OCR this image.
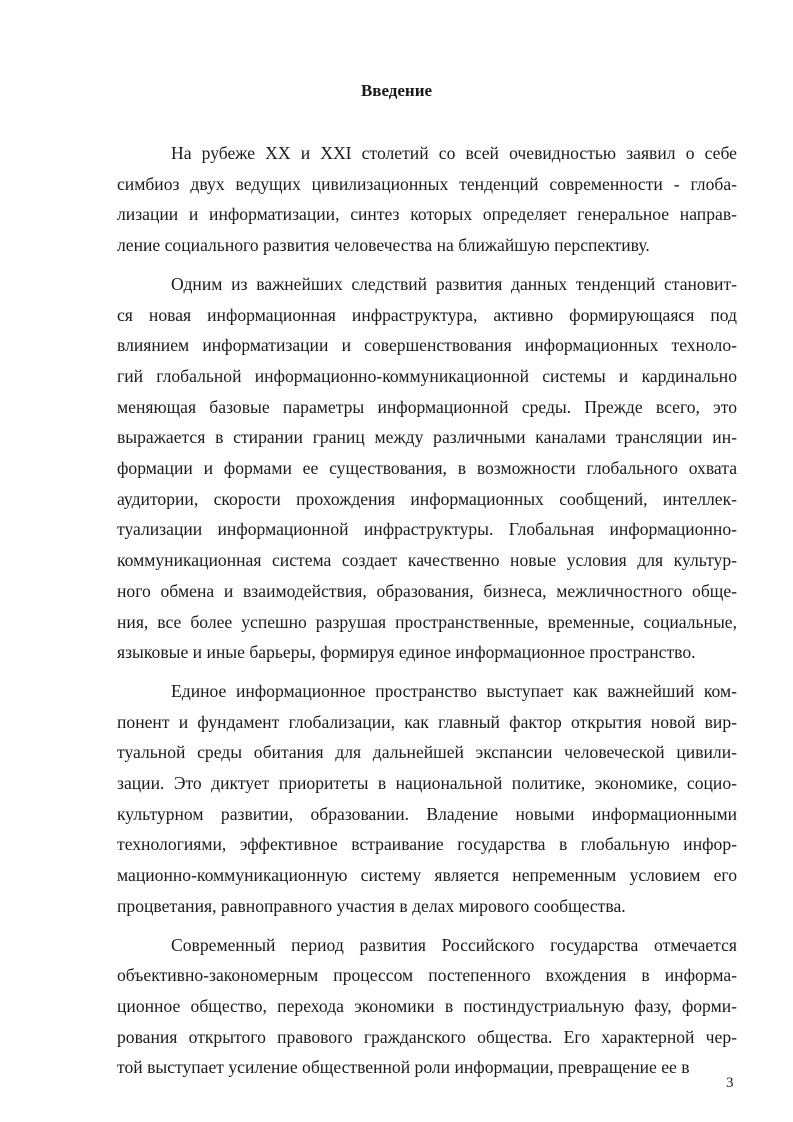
Введение

На рубеже XX и XXI столетий со всей очевидностью заявил о себе
симбиоз двух ведущих цивилизационных тенденций современности - глоба-
лизации и информатизации, синтез которых определяет генеральное направ-
ление социального развития человечества на ближайшую перспективу.

Одним из важнейших следствий развития данных тенденций становит-
ся новая информационная инфраструктура, активно формирующаяся под
влиянием информатизации и совершенствования информационных техноло-
гий глобальной информационно-коммуникационной системы и кардинально
меняющая базовые параметры информационной среды. Прежде всего, это
выражается в стирании границ между различными каналами трансляции ин-
формации и формами ее существования, в возможности глобального охвата
аудитории, скорости прохождения информационных сообщений, интеллек-
туализации информационной инфраструктуры. Глобальная информационно-
коммуникационная система создает качественно новые условия для культур-
ного обмена и взаимодействия, образования, бизнеса, межличностного обще-
ния, все более успешно разрушая пространственные, временные, социальные,
языковые и иные барьеры, формируя единое информационное пространство.

Единое информационное пространство выступает как важнейший ком-
понент и фундамент глобализации, как главный фактор открытия новой вир-
туальной среды обитания для дальнейшей экспансии человеческой цивили-
зации. Это диктует приоритеты в национальной политике, экономике, социо-
культурном развитии, образовании. Владение новыми информационными
технологиями, эффективное встраивание государства в глобальную инфор-
мационно-коммуникационную систему является непременным условием его
процветания, равноправного участия в делах мирового сообщества.

Современный период развития Российского государства отмечается
объективно-закономерным процессом постепенного вхождения в информа-
ционное общество, перехода экономики в постиндустриальную фазу, форми-
рования открытого правового гражданского общества. Его характерной чер-
той выступает усиление общественной роли информации, превращение ее в

3
